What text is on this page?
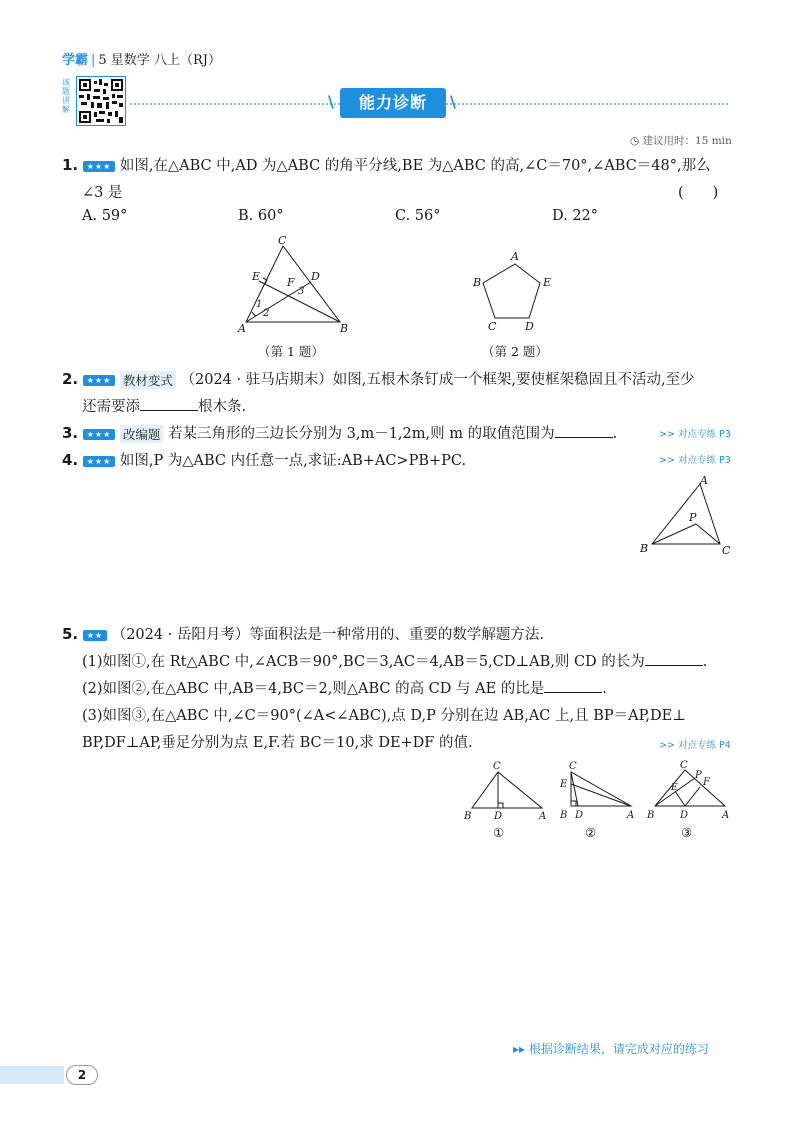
学霸 | 5 星数学 八上（RJ）
该题讲解	\	\
能力诊断
◷ 建议用时：15 min
1. ★★★ 如图,在△ABC 中,AD 为△ABC 的角平分线,BE 为△ABC 的高,∠C＝70°,∠ABC＝48°,那么
∠3 是	(　　)
A. 59°	B. 60°	C. 56°	D. 22°
C
E	D
F
3
1
2
A	B
（第 1 题）
A
E
B
C	D
（第 2 题）
2. ★★★ 教材变式 （2024 · 驻马店期末）如图,五根木条钉成一个框架,要使框架稳固且不活动,至少
还需要添	根木条.
3. ★★★ 改编题 若某三角形的三边长分别为 3,m－1,2m,则 m 的取值范围为	.	>> 对点专练 P3
4. ★★★ 如图,P 为△ABC 内任意一点,求证:AB+AC>PB+PC.	>> 对点专练 P3
A
P
B	C
5. ★★ （2024 · 岳阳月考）等面积法是一种常用的、重要的数学解题方法.
(1)如图①,在 Rt△ABC 中,∠ACB＝90°,BC＝3,AC＝4,AB＝5,CD⊥AB,则 CD 的长为	.
(2)如图②,在△ABC 中,AB＝4,BC＝2,则△ABC 的高 CD 与 AE 的比是	.
(3)如图③,在△ABC 中,∠C＝90°(∠A<∠ABC),点 D,P 分别在边 AB,AC 上,且 BP＝AP,DE⊥
BP,DF⊥AP,垂足分别为点 E,F.若 BC＝10,求 DE+DF 的值.	>> 对点专练 P4
C
B D	A
①
C
E
B D	A
②
C
P
F
E
B	D	A
③
▸▸ 根据诊断结果，请完成对应的练习
2
